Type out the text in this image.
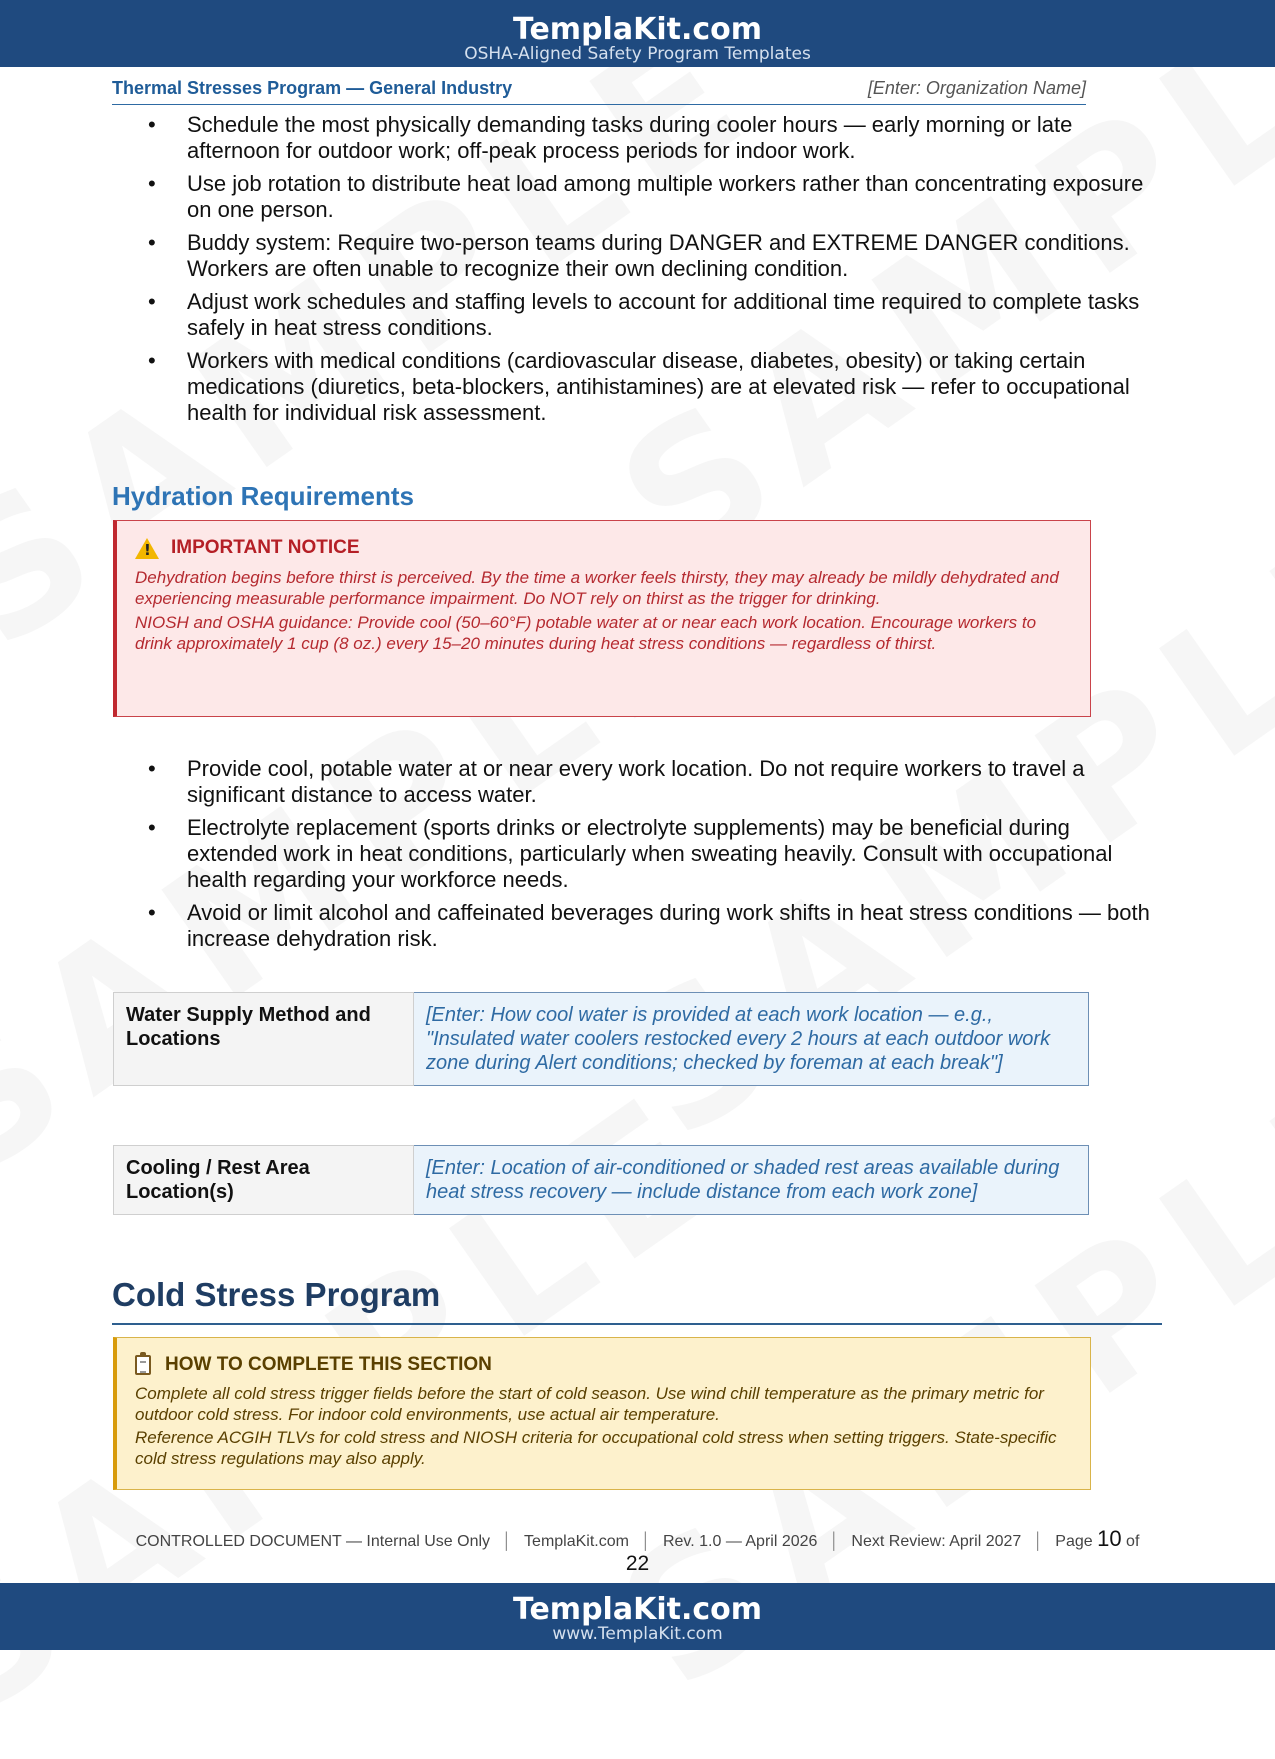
TemplaKit.com
OSHA-Aligned Safety Program Templates
Thermal Stresses Program — General Industry	[Enter: Organization Name]
• Schedule the most physically demanding tasks during cooler hours — early morning or late afternoon for outdoor work; off-peak process periods for indoor work.
• Use job rotation to distribute heat load among multiple workers rather than concentrating exposure on one person.
• Buddy system: Require two-person teams during DANGER and EXTREME DANGER conditions. Workers are often unable to recognize their own declining condition.
• Adjust work schedules and staffing levels to account for additional time required to complete tasks safely in heat stress conditions.
• Workers with medical conditions (cardiovascular disease, diabetes, obesity) or taking certain medications (diuretics, beta-blockers, antihistamines) are at elevated risk — refer to occupational health for individual risk assessment.
Hydration Requirements
!
IMPORTANT NOTICE

Dehydration begins before thirst is perceived. By the time a worker feels thirsty, they may already be mildly dehydrated and experiencing measurable performance impairment. Do NOT rely on thirst as the trigger for drinking.

NIOSH and OSHA guidance: Provide cool (50–60°F) potable water at or near each work location. Encourage workers to drink approximately 1 cup (8 oz.) every 15–20 minutes during heat stress conditions — regardless of thirst.

• Provide cool, potable water at or near every work location. Do not require workers to travel a significant distance to access water.
• Electrolyte replacement (sports drinks or electrolyte supplements) may be beneficial during extended work in heat conditions, particularly when sweating heavily. Consult with occupational health regarding your workforce needs.
• Avoid or limit alcohol and caffeinated beverages during work shifts in heat stress conditions — both increase dehydration risk.
Water Supply Method and Locations	[Enter: How cool water is provided at each work location — e.g., "Insulated water coolers restocked every 2 hours at each outdoor work zone during Alert conditions; checked by foreman at each break"]
Cooling / Rest Area Location(s)	[Enter: Location of air-conditioned or shaded rest areas available during heat stress recovery — include distance from each work zone]
Cold Stress Program
HOW TO COMPLETE THIS SECTION

Complete all cold stress trigger fields before the start of cold season. Use wind chill temperature as the primary metric for outdoor cold stress. For indoor cold environments, use actual air temperature.

Reference ACGIH TLVs for cold stress and NIOSH criteria for occupational cold stress when setting triggers. State-specific cold stress regulations may also apply.

CONTROLLED DOCUMENT — Internal Use Only │ TemplaKit.com │ Rev. 1.0 — April 2026 │ Next Review: April 2027 │ Page 10 of
22
TemplaKit.com
www.TemplaKit.com
